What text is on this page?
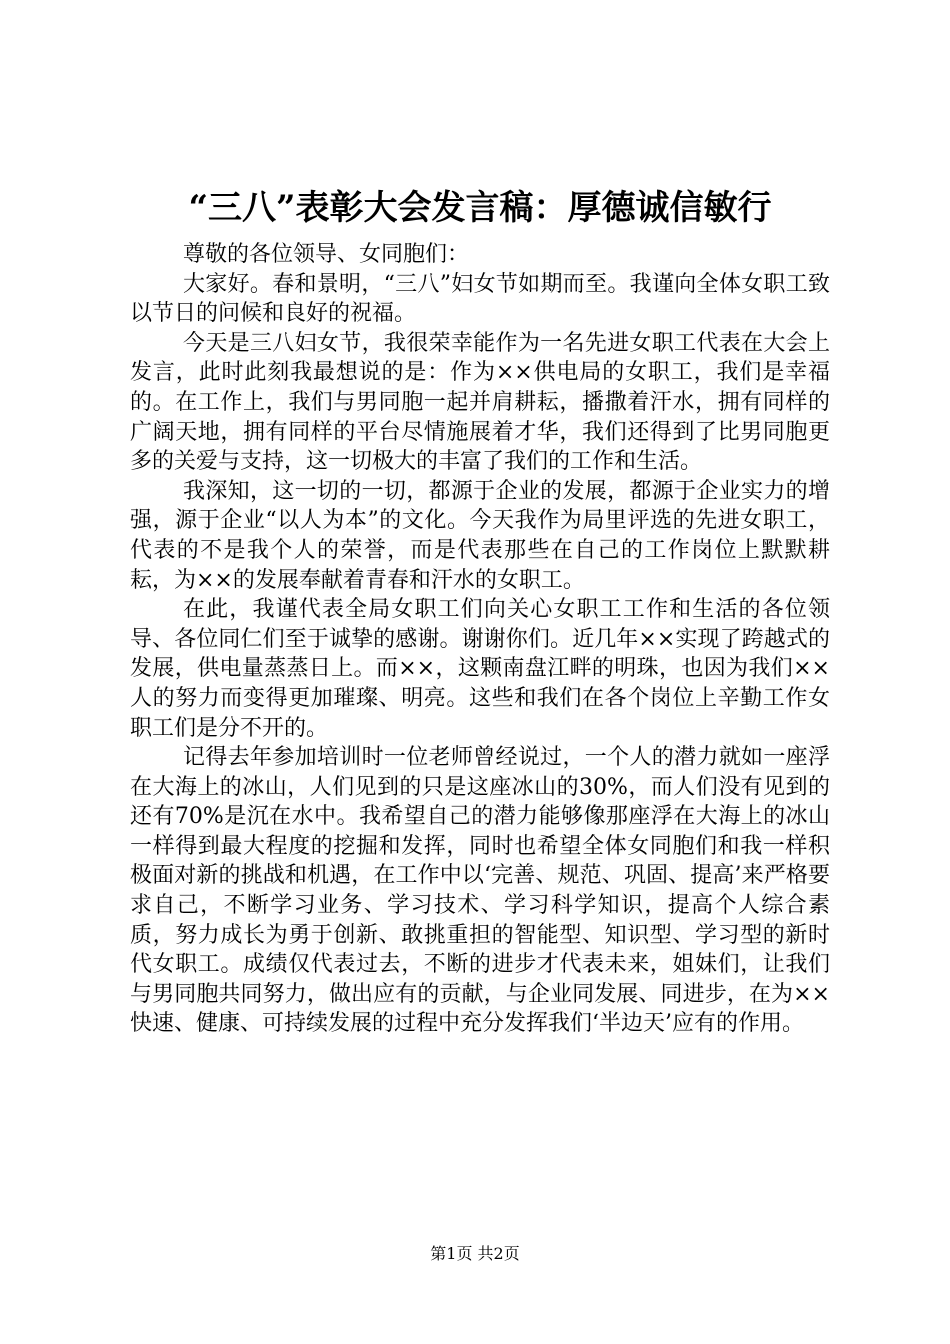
“三八”表彰大会发言稿：厚德诚信敏行

尊敬的各位领导、女同胞们：

大家好。春和景明，“三八”妇女节如期而至。我谨向全体女职工致以节日的问候和良好的祝福。

今天是三八妇女节，我很荣幸能作为一名先进女职工代表在大会上发言，此时此刻我最想说的是：作为××供电局的女职工，我们是幸福的。在工作上，我们与男同胞一起并肩耕耘，播撒着汗水，拥有同样的广阔天地，拥有同样的平台尽情施展着才华，我们还得到了比男同胞更多的关爱与支持，这一切极大的丰富了我们的工作和生活。

我深知，这一切的一切，都源于企业的发展，都源于企业实力的增强，源于企业“以人为本”的文化。今天我作为局里评选的先进女职工，代表的不是我个人的荣誉，而是代表那些在自己的工作岗位上默默耕耘，为××的发展奉献着青春和汗水的女职工。

在此，我谨代表全局女职工们向关心女职工工作和生活的各位领导、各位同仁们至于诚挚的感谢。谢谢你们。近几年××实现了跨越式的发展，供电量蒸蒸日上。而××，这颗南盘江畔的明珠，也因为我们××人的努力而变得更加璀璨、明亮。这些和我们在各个岗位上辛勤工作女职工们是分不开的。

记得去年参加培训时一位老师曾经说过，一个人的潜力就如一座浮在大海上的冰山，人们见到的只是这座冰山的30%，而人们没有见到的还有70%是沉在水中。我希望自己的潜力能够像那座浮在大海上的冰山一样得到最大程度的挖掘和发挥，同时也希望全体女同胞们和我一样积极面对新的挑战和机遇，在工作中以‘完善、规范、巩固、提高’来严格要求自己，不断学习业务、学习技术、学习科学知识，提高个人综合素质，努力成长为勇于创新、敢挑重担的智能型、知识型、学习型的新时代女职工。成绩仅代表过去，不断的进步才代表未来，姐妹们，让我们与男同胞共同努力，做出应有的贡献，与企业同发展、同进步，在为××快速、健康、可持续发展的过程中充分发挥我们‘半边天’应有的作用。

第1页 共2页
